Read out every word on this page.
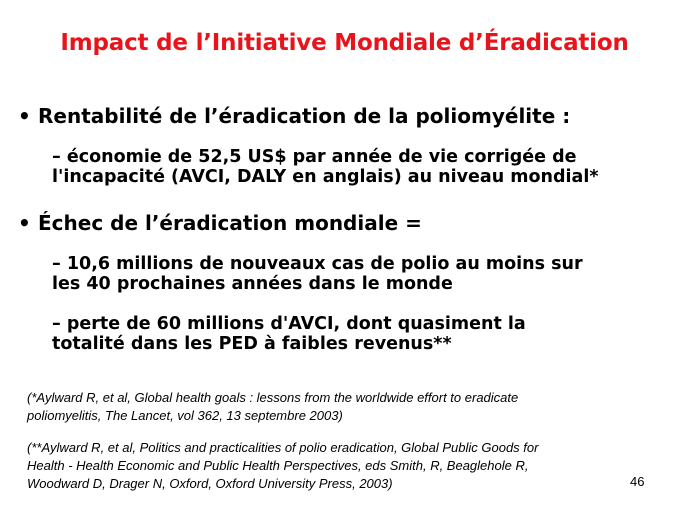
Impact de l’Initiative Mondiale d’Éradication
• Rentabilité de l’éradication de la poliomyélite :
– économie de 52,5 US$ par année de vie corrigée de
l'incapacité (AVCI, DALY en anglais) au niveau mondial*
• Échec de l’éradication mondiale =
– 10,6 millions de nouveaux cas de polio au moins sur
les 40 prochaines années dans le monde
– perte de 60 millions d'AVCI, dont quasiment la
totalité dans les PED à faibles revenus**
(*Aylward R, et al, Global health goals : lessons from the worldwide effort to eradicate
poliomyelitis, The Lancet, vol 362, 13 septembre 2003)
(**Aylward R, et al, Politics and practicalities of polio eradication, Global Public Goods for
Health - Health Economic and Public Health Perspectives, eds Smith, R, Beaglehole R,
Woodward D, Drager N, Oxford, Oxford University Press, 2003)	46
